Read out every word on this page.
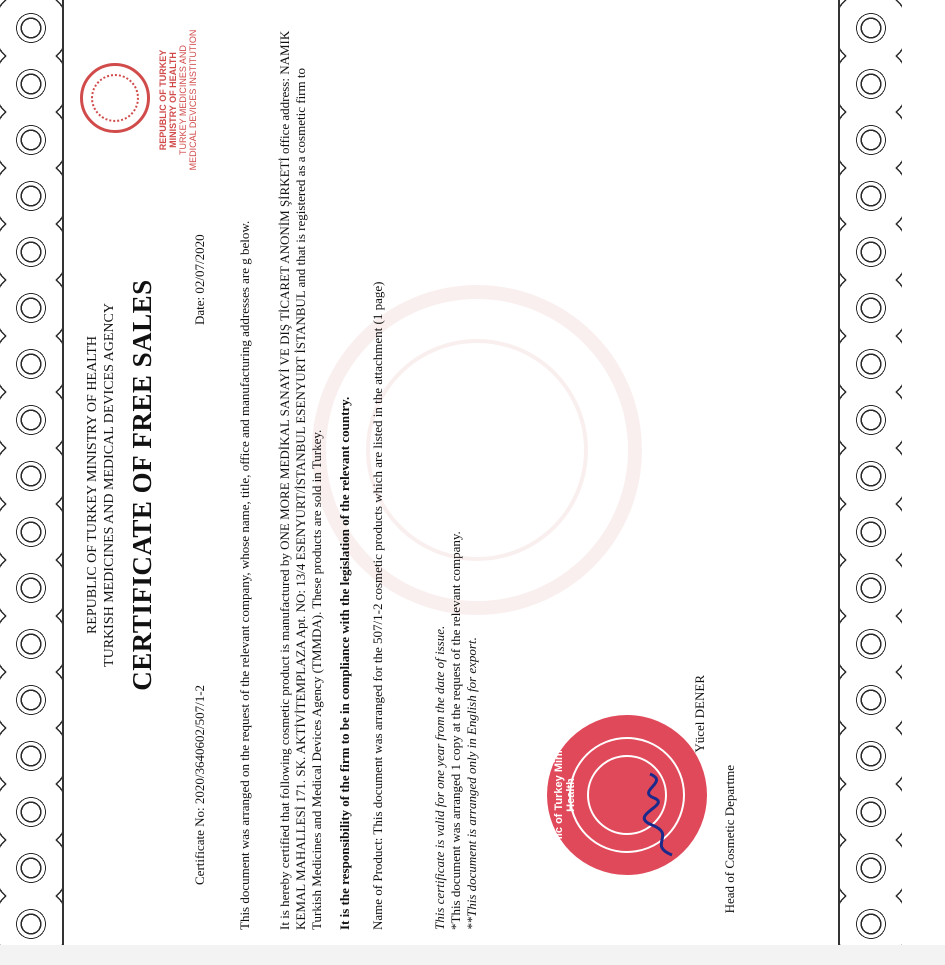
REPUBLIC OF TURKEY MINISTRY OF HEALTH TURKEY MEDICINES AND MEDICAL DEVICES INSTITUTION
REPUBLIC OF TURKEY MINISTRY OF HEALTH TURKISH MEDICINES AND MEDICAL DEVICES AGENCY CERTIFICATE OF FREE SALES
Certificate No: 2020/3640602/507/1-2
Date: 02/07/2020 This document was arranged on the request of the relevant company, whose name, title, office and manufacturing addresses are g below. It is hereby certified that following cosmetic product is manufactured by ONE MORE MEDİKAL SANAYİ VE DIŞ TİCARET ANONİM ŞİRKETİ office address: NAMIK KEMAL MAHALLESİ 171. SK. AKTİVİTEMPLAZA Apt. NO: 13/4 ESENYURT/İSTANBUL ESENYURT İSTANBUL and that is registered as a cosmetic firm to Turkish Medicines and Medical Devices Agency (TMMDA). These products are sold in Turkey. It is the responsibility of the firm to be in compliance with the legislation of the relevant country. Name of Product: This document was arranged for the 507/1-2 cosmetic products which are listed in the attachment (1 page)	This certificate is valid for one year from the date of issue. *This document was arranged 1 copy at the request of the relevant company. **This document is arranged only in English for export.	Republic of Turkey Ministry of Health
Yücel DENER
Head of Cosmetic Departme
